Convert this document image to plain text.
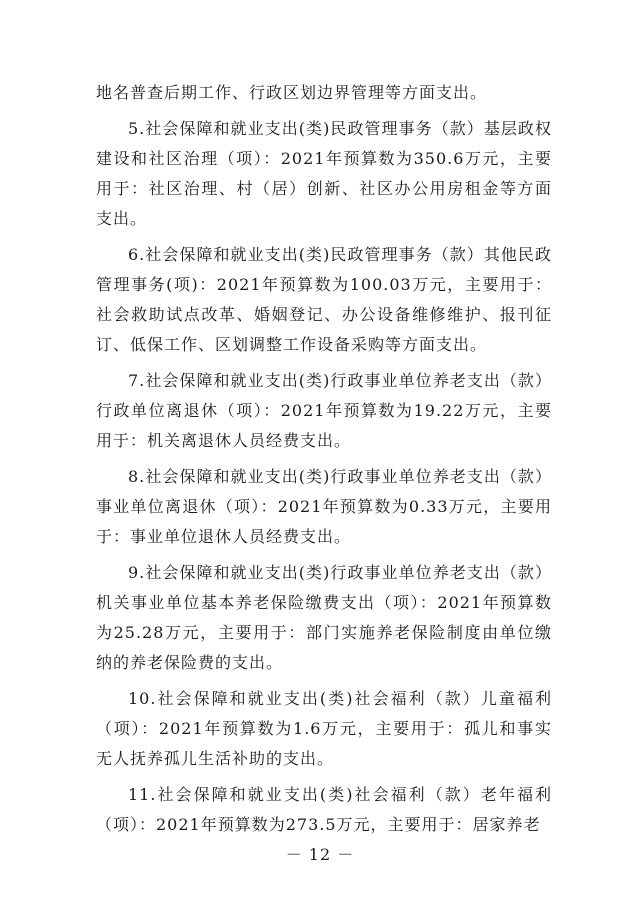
地名普查后期工作、行政区划边界管理等方面支出。

5.社会保障和就业支出(类)民政管理事务（款）基层政权建设和社区治理（项）：2021年预算数为350.6万元，主要用于：社区治理、村（居）创新、社区办公用房租金等方面支出。

6.社会保障和就业支出(类)民政管理事务（款）其他民政管理事务(项)：2021年预算数为100.03万元，主要用于：社会救助试点改革、婚姻登记、办公设备维修维护、报刊征订、低保工作、区划调整工作设备采购等方面支出。

7.社会保障和就业支出(类)行政事业单位养老支出（款）行政单位离退休（项）：2021年预算数为19.22万元，主要用于：机关离退休人员经费支出。

8.社会保障和就业支出(类)行政事业单位养老支出（款）事业单位离退休（项）：2021年预算数为0.33万元，主要用于：事业单位退休人员经费支出。

9.社会保障和就业支出(类)行政事业单位养老支出（款）机关事业单位基本养老保险缴费支出（项）：2021年预算数为25.28万元，主要用于：部门实施养老保险制度由单位缴纳的养老保险费的支出。

10.社会保障和就业支出(类)社会福利（款）儿童福利（项）：2021年预算数为1.6万元，主要用于：孤儿和事实无人抚养孤儿生活补助的支出。

11.社会保障和就业支出(类)社会福利（款）老年福利（项）：2021年预算数为273.5万元，主要用于：居家养老

－ 12 －
